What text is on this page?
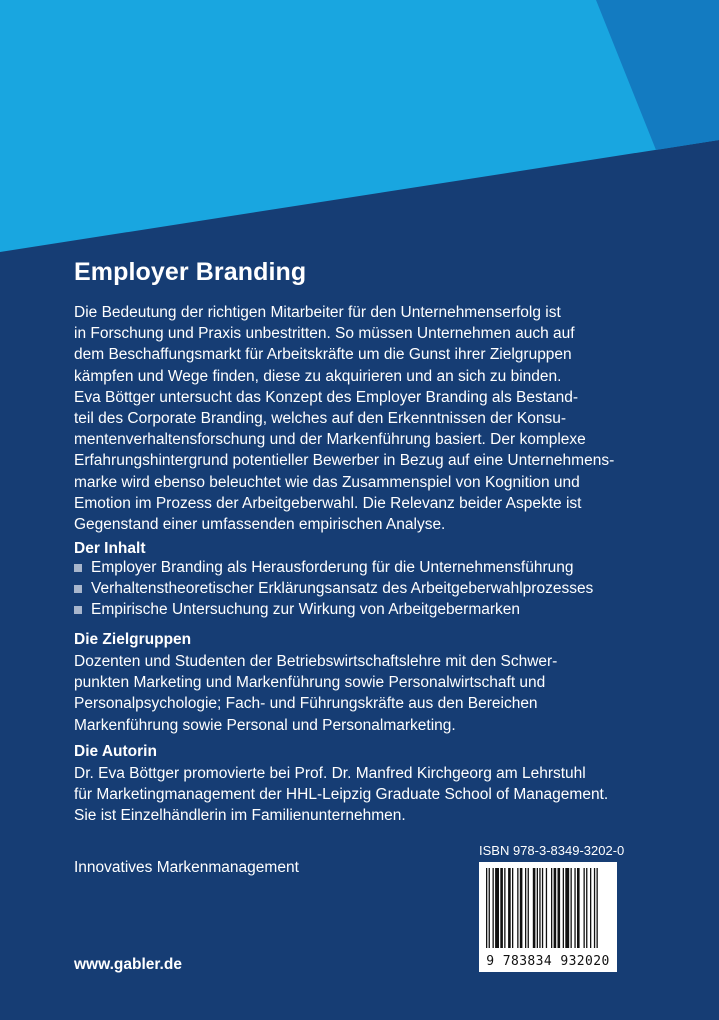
Employer Branding

Die Bedeutung der richtigen Mitarbeiter für den Unternehmenserfolg ist
in Forschung und Praxis unbestritten. So müssen Unternehmen auch auf
dem Beschaffungsmarkt für Arbeitskräfte um die Gunst ihrer Zielgruppen
kämpfen und Wege finden, diese zu akquirieren und an sich zu binden.
Eva Böttger untersucht das Konzept des Employer Branding als Bestand-
teil des Corporate Branding, welches auf den Erkenntnissen der Konsu-
mentenverhaltensforschung und der Markenführung basiert. Der komplexe
Erfahrungshintergrund potentieller Bewerber in Bezug auf eine Unternehmens-
marke wird ebenso beleuchtet wie das Zusammenspiel von Kognition und
Emotion im Prozess der Arbeitgeberwahl. Die Relevanz beider Aspekte ist
Gegenstand einer umfassenden empirischen Analyse.

Der Inhalt
Employer Branding als Herausforderung für die Unternehmensführung
Verhaltenstheoretischer Erklärungsansatz des Arbeitgeberwahlprozesses
Empirische Untersuchung zur Wirkung von Arbeitgebermarken
Die Zielgruppen

Dozenten und Studenten der Betriebswirtschaftslehre mit den Schwer-
punkten Marketing und Markenführung sowie Personalwirtschaft und
Personalpsychologie; Fach- und Führungskräfte aus den Bereichen
Markenführung sowie Personal und Personalmarketing.

Die Autorin

Dr. Eva Böttger promovierte bei Prof. Dr. Manfred Kirchgeorg am Lehrstuhl
für Marketingmanagement der HHL-Leipzig Graduate School of Management.
Sie ist Einzelhändlerin im Familienunternehmen.

Innovatives Markenmanagement
www.gabler.de
ISBN 978-3-8349-3202-0
9 783834 932020
